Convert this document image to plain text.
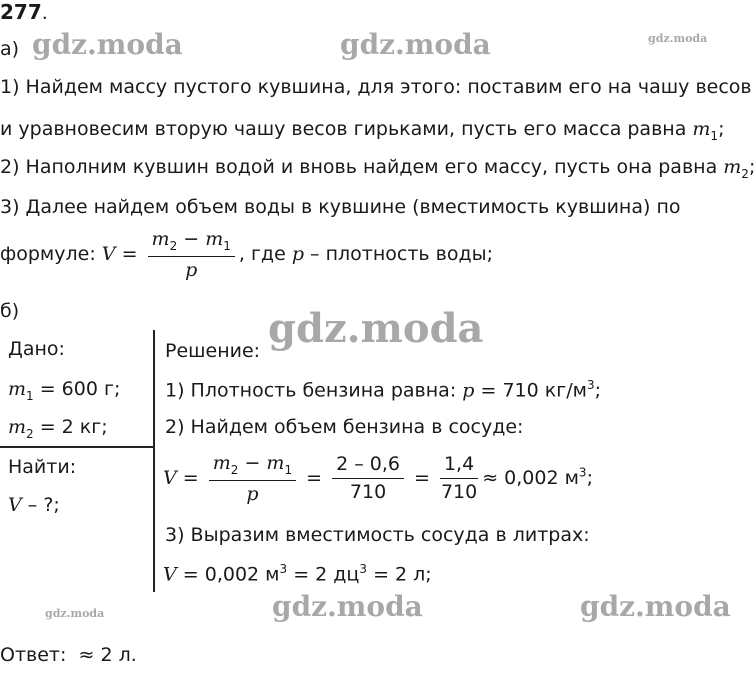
gdz.moda	gdz.moda	gdz.moda
gdz.moda
gdz.moda	gdz.moda	gdz.moda
277.
а)
1) Найдем массу пустого кувшина, для этого: поставим его на чашу весов
и уравновесим вторую чашу весов гирьками, пусть его масса равна $m_1$;
2) Наполним кувшин водой и вновь найдем его массу, пусть она равна $m_2$;
3) Далее найдем объем воды в кувшине (вместимость кувшина) по
формуле: $V = \frac{m_2 - m_1}{p}$ , где p – плотность воды;
б)
Дано:
$m_1 = 600$ г;
$m_2 = 2$ кг;
Найти:
V – ?;
Решение:
1) Плотность бензина равна: p = 710 $кг/м^3$;
2) Найдем объем бензина в сосуде:
$V = \frac{m_2 - m_1}{p} = \frac{2 - 0,6}{710} = \frac{1,4}{710} \approx 0,002$ $м^3$;
3) Выразим вместимость сосуда в литрах:
V = 0,002 $м^3 = 2$ $дц^3 = 2$ л;
Ответ: ≈ 2 л.
